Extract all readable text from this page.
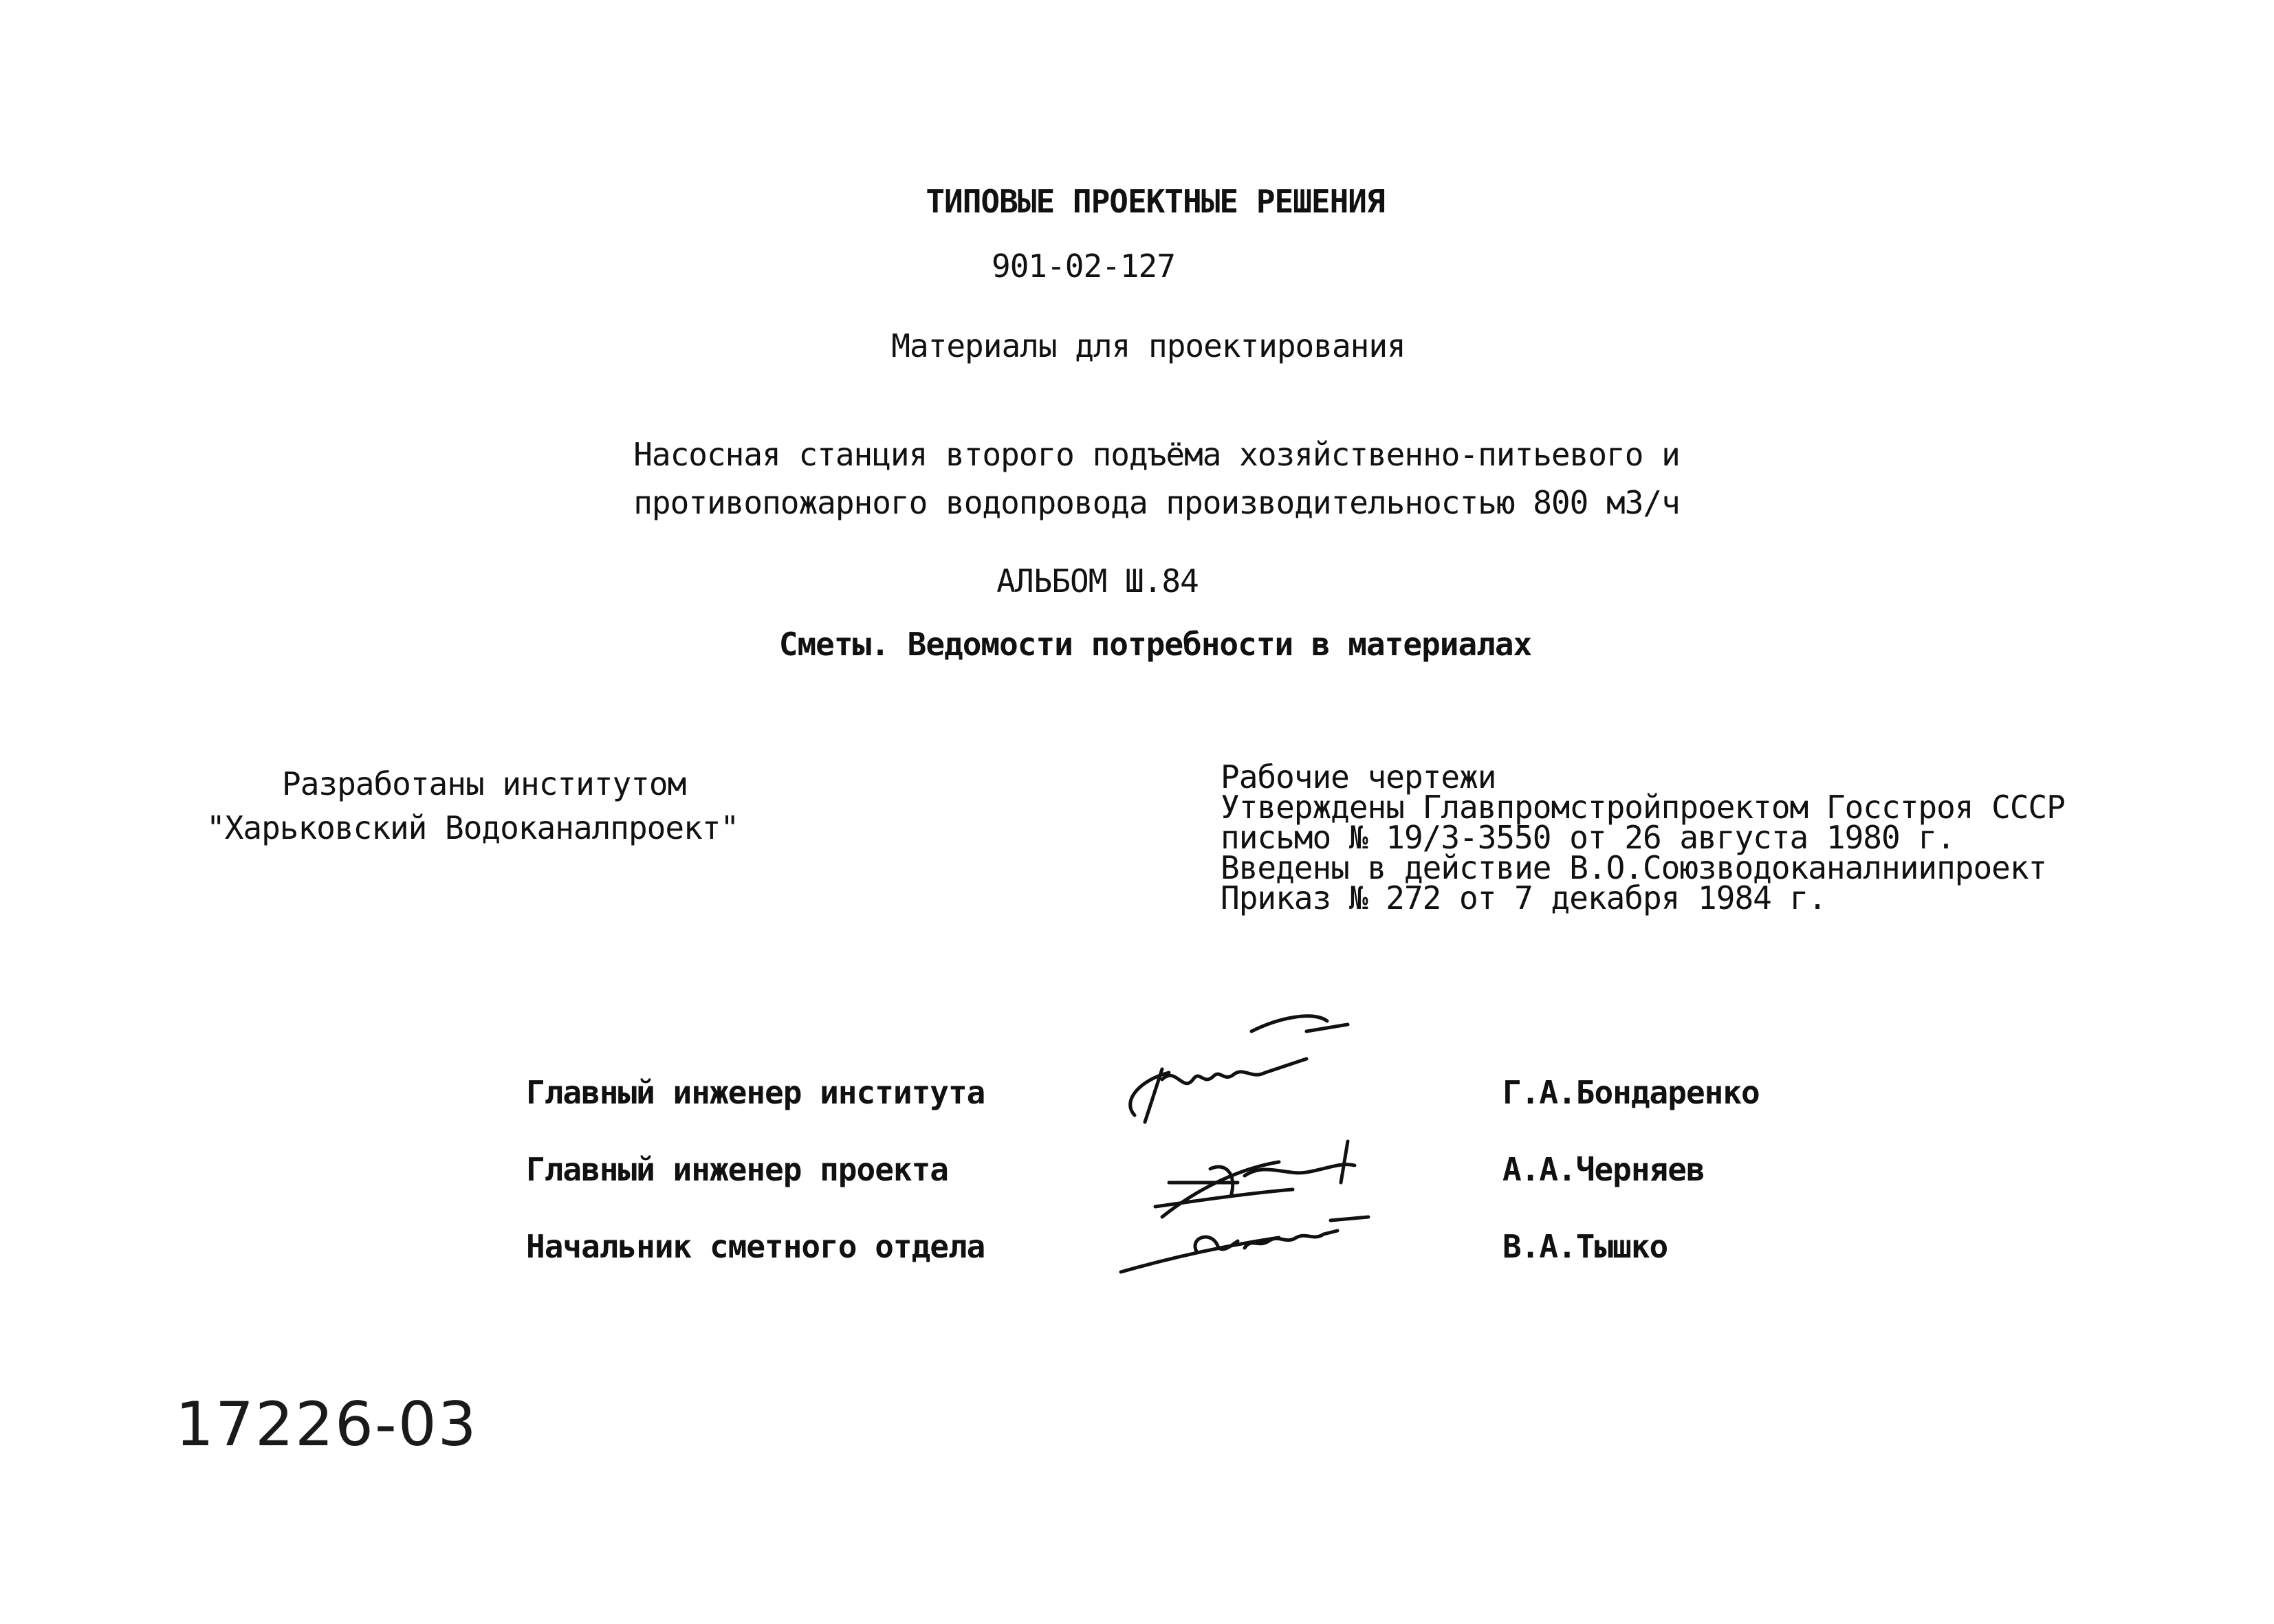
ТИПОВЫЕ ПРОЕКТНЫЕ РЕШЕНИЯ
901-02-127
Материалы для проектирования
Насосная станция второго подъёма хозяйственно-питьевого и
противопожарного водопровода производительностью 800 м3/ч
АЛЬБОМ Ш.84
Сметы. Ведомости потребности в материалах
Разработаны институтом
"Харьковский Водоканалпроект"
Рабочие чертежи
Утверждены Главпромстройпроектом Госстроя СССР
письмо № 19/3-3550 от 26 августа 1980 г.
Введены в действие В.О.Союзводоканалниипроект
Приказ № 272 от 7 декабря 1984 г.
Главный инженер института	Г.А.Бондаренко
Главный инженер проекта	А.А.Черняев
Начальник сметного отдела	В.А.Тышко
17226-03
